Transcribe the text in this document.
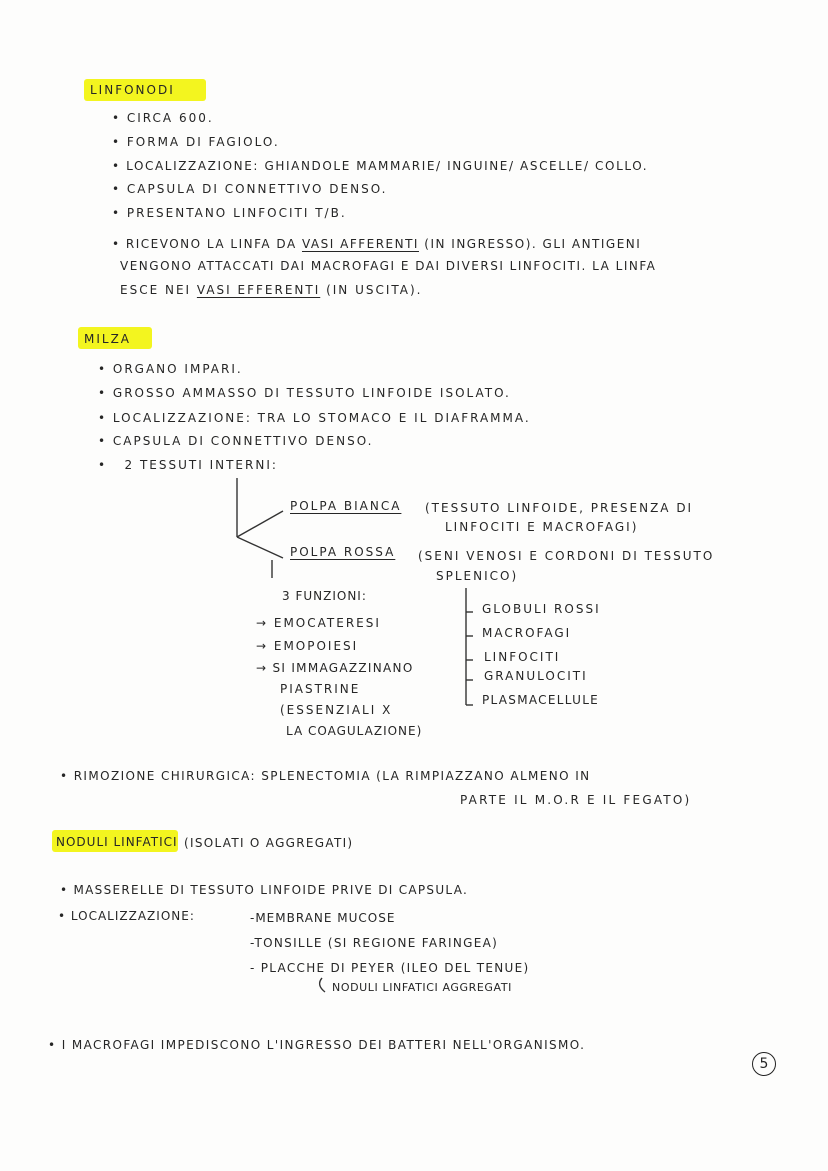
LINFONODI
• CIRCA 600.
• FORMA DI FAGIOLO.
• LOCALIZZAZIONE: GHIANDOLE MAMMARIE/ INGUINE/ ASCELLE/ COLLO.
• CAPSULA DI CONNETTIVO DENSO.
• PRESENTANO LINFOCITI T/B.
• RICEVONO LA LINFA DA VASI AFFERENTI (IN INGRESSO). GLI ANTIGENI
VENGONO ATTACCATI DAI MACROFAGI E DAI DIVERSI LINFOCITI. LA LINFA
ESCE NEI VASI EFFERENTI (IN USCITA).
MILZA
• ORGANO IMPARI.
• GROSSO AMMASSO DI TESSUTO LINFOIDE ISOLATO.
• LOCALIZZAZIONE: TRA LO STOMACO E IL DIAFRAMMA.
• CAPSULA DI CONNETTIVO DENSO.
•   2 TESSUTI INTERNI:
POLPA BIANCA (TESSUTO LINFOIDE, PRESENZA DI
LINFOCITI E MACROFAGI)
POLPA ROSSA (SENI VENOSI E CORDONI DI TESSUTO
SPLENICO)
3 FUNZIONI:
→ EMOCATERESI
→ EMOPOIESI
→ SI IMMAGAZZINANO
PIASTRINE
(ESSENZIALI X
LA COAGULAZIONE)
GLOBULI ROSSI
MACROFAGI
LINFOCITI
GRANULOCITI
PLASMACELLULE
• RIMOZIONE CHIRURGICA: SPLENECTOMIA (LA RIMPIAZZANO ALMENO IN
PARTE IL M.O.R E IL FEGATO)
NODULI LINFATICI (ISOLATI O AGGREGATI)
• MASSERELLE DI TESSUTO LINFOIDE PRIVE DI CAPSULA.
• LOCALIZZAZIONE:	-MEMBRANE MUCOSE
-TONSILLE (SI REGIONE FARINGEA)
- PLACCHE DI PEYER (ILEO DEL TENUE)
NODULI LINFATICI AGGREGATI
• I MACROFAGI IMPEDISCONO L'INGRESSO DEI BATTERI NELL'ORGANISMO.
5
